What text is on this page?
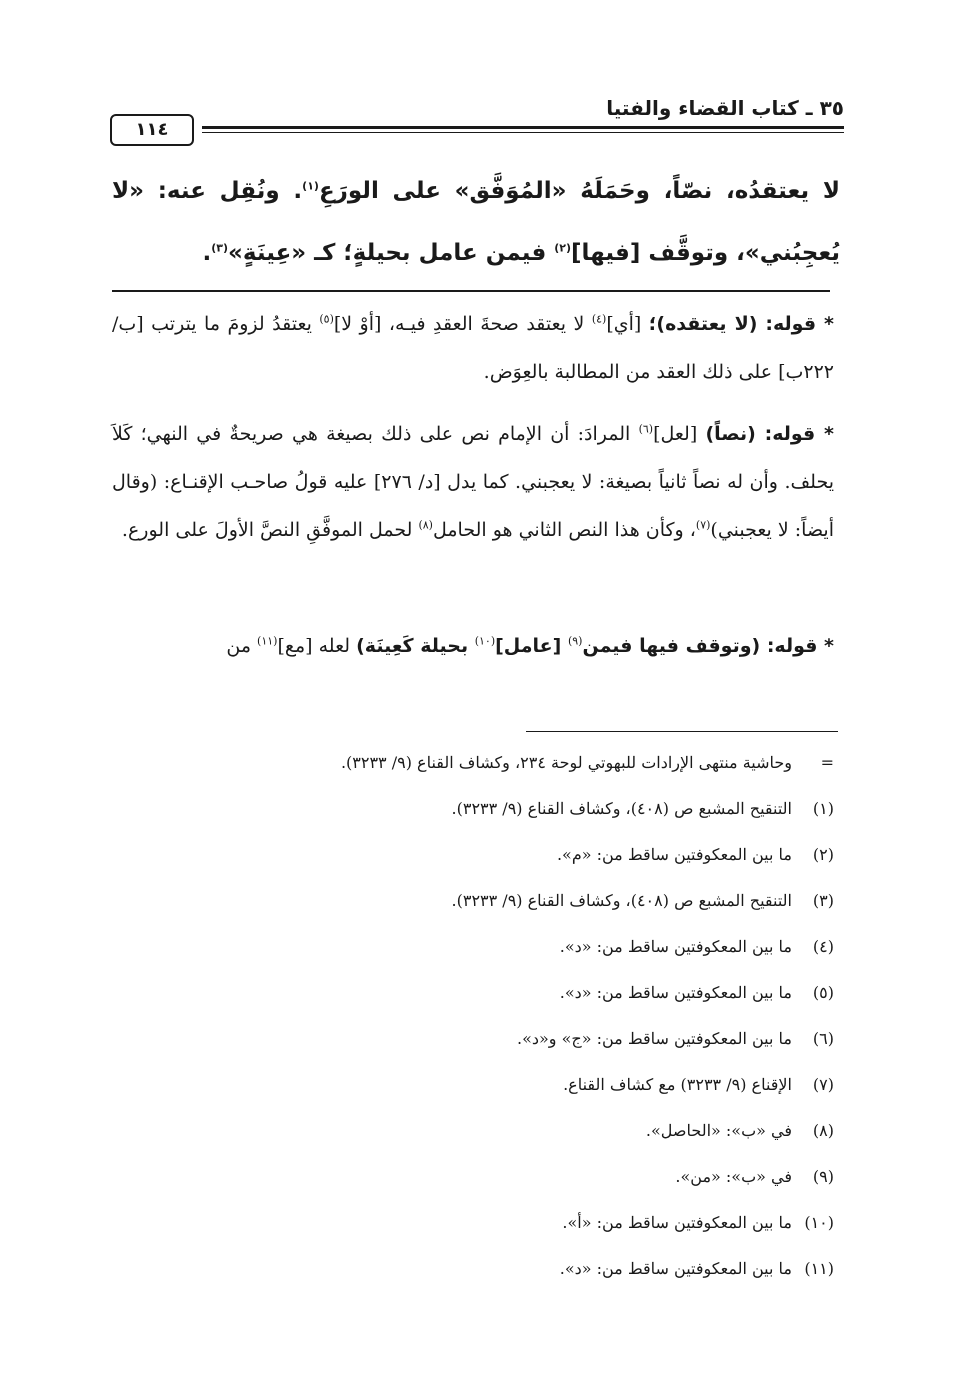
٣٥ ـ كتاب القضاء والفتيا
١١٤
لا يعتقدُه، نصّاً، وحَمَلَهُ «المُوَفَّق» على الورَعِ$^{(١)}$. ونُقِل عنه: «لا يُعجِبُني»، وتوقَّف [فيها]$^{(٢)}$ فيمن عامل بحيلةٍ؛ كـ «عِينَةٍ»$^{(٣)}$.
* قوله: (لا يعتقده)؛ [أي]$^{(٤)}$ لا يعتقد صحةَ العقدِ فيـه، [أوْ لا]$^{(٥)}$ يعتقدُ لزومَ ما يترتب [ب/ ٢٢٢ب] على ذلك العقد من المطالبة بالعِوَض.
* قوله: (نصاً) [لعل]$^{(٦)}$ المرادَ: أن الإمام نص على ذلك بصيغة هي صريحةٌ في النهي؛ كَلاَ يحلف. وأن له نصاً ثانياً بصيغة: لا يعجبني. كما يدل [د/ ٢٧٦] عليه قولُ صاحـب الإقنـاع: (وقال أيضاً: لا يعجبني)$^{(٧)}$، وكأن هذا النص الثاني هو الحامل$^{(٨)}$ لحمل الموفَّقِ النصَّ الأولَ على الورع.
* قوله: (وتوقف فيها فيمن$^{(٩)}$ [عامل]$^{(١٠)}$ بحيلة كَعِينَة) لعله [مع]$^{(١١)}$ من
=وحاشية منتهى الإرادات للبهوتي لوحة ٢٣٤، وكشاف القناع (٩/ ٣٢٣٣).
(١)التنقيح المشبع ص (٤٠٨)، وكشاف القناع (٩/ ٣٢٣٣).
(٢)ما بين المعكوفتين ساقط من: «م».
(٣)التنقيح المشبع ص (٤٠٨)، وكشاف القناع (٩/ ٣٢٣٣).
(٤)ما بين المعكوفتين ساقط من: «د».
(٥)ما بين المعكوفتين ساقط من: «د».
(٦)ما بين المعكوفتين ساقط من: «ج» و«د».
(٧)الإقناع (٩/ ٣٢٣٣) مع كشاف القناع.
(٨)في «ب»: «الحاصل».
(٩)في «ب»: «من».
(١٠)ما بين المعكوفتين ساقط من: «أ».
(١١)ما بين المعكوفتين ساقط من: «د».
